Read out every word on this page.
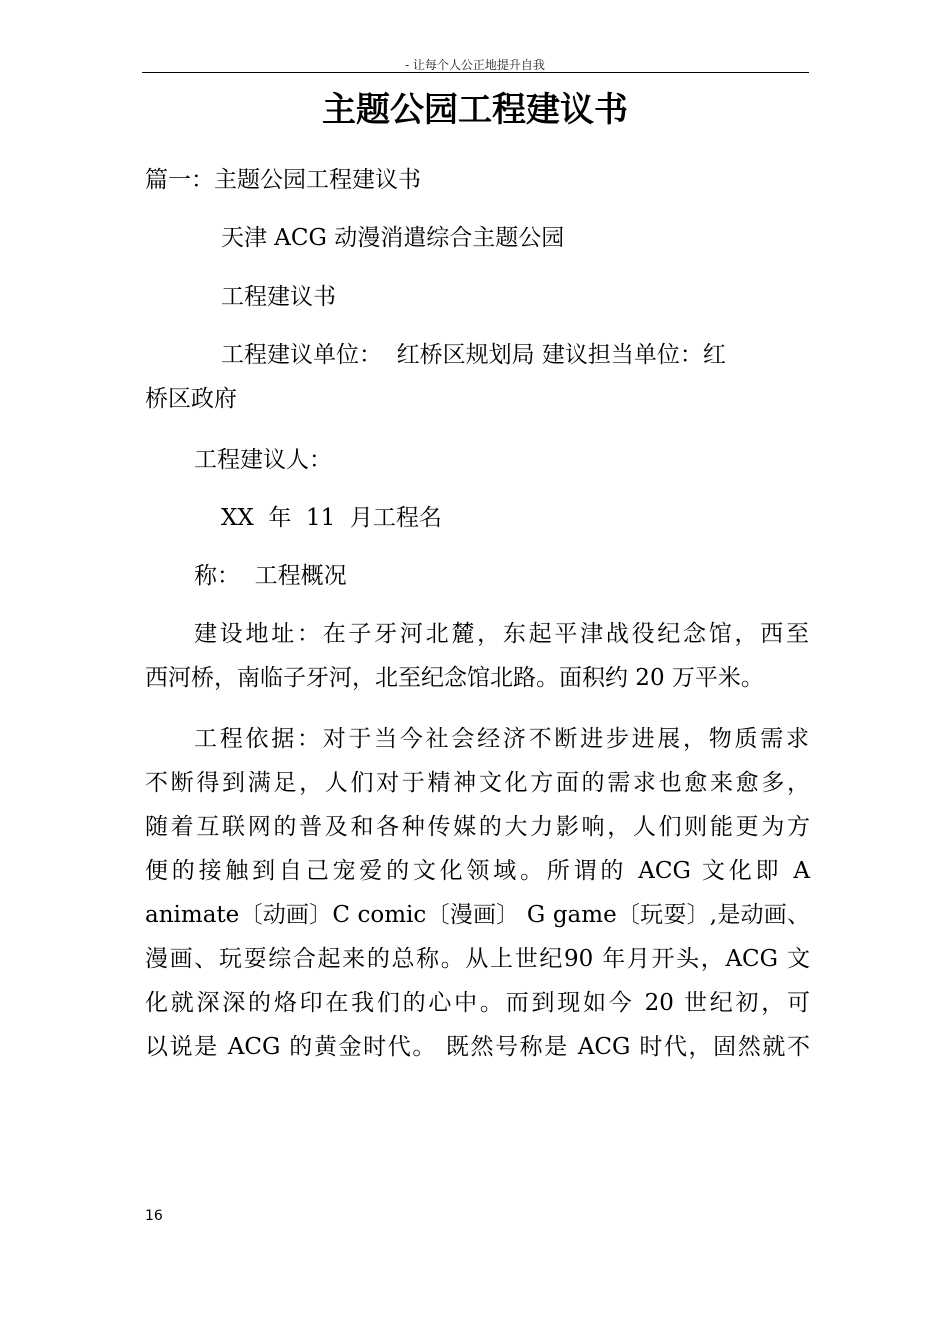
- 让每个人公正地提升自我
主题公园工程建议书
篇一：主题公园工程建议书
天津 ACG 动漫消遣综合主题公园
工程建议书
工程建议单位：  红桥区规划局 建议担当单位：红
桥区政府
工程建议人：
XX  年  11  月工程名
称：  工程概况
建设地址：在子牙河北麓，东起平津战役纪念馆，西至
西河桥，南临子牙河，北至纪念馆北路。面积约 20 万平米。
工程依据：对于当今社会经济不断进步进展，物质需求
不断得到满足，人们对于精神文化方面的需求也愈来愈多，
随着互联网的普及和各种传媒的大力影响，人们则能更为方
便的接触到自己宠爱的文化领域。所谓的 ACG 文化即 A
animate〔动画〕C comic〔漫画〕 G game〔玩耍〕,是动画、
漫画、玩耍综合起来的总称。从上世纪90 年月开头，ACG 文
化就深深的烙印在我们的心中。而到现如今 20 世纪初，可
以说是 ACG 的黄金时代。 既然号称是 ACG 时代，固然就不
16
